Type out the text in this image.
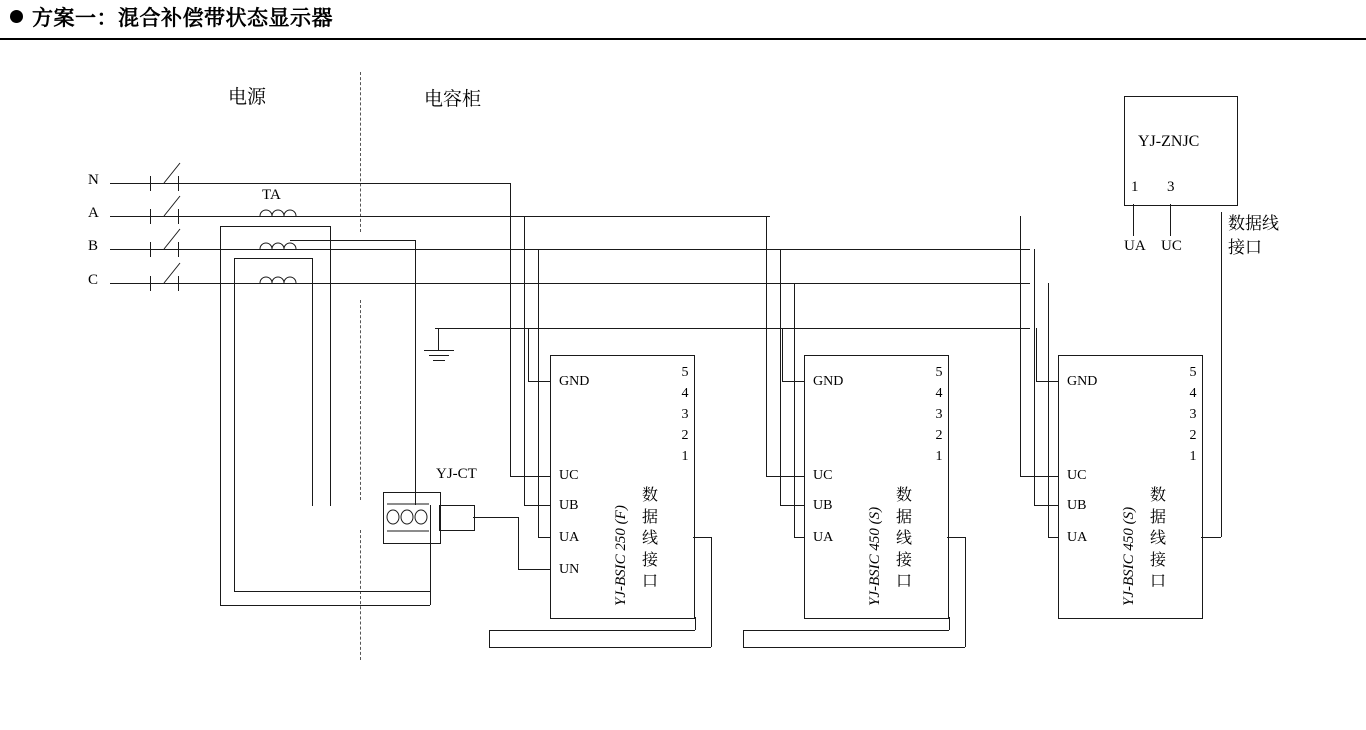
方案一：混合补偿带状态显示器
电源	电容柜
N
A
B
C
TA
YJ-CT
GND
UC
UB
UA
UN YJ-BSIC 250 (F)
数据线接口
5
4
3
2
1
GND
UC
UB
UA YJ-BSIC 450 (S)
数据线接口
5
4
3
2
1
GND
UC
UB
UA YJ-BSIC 450 (S)
数据线接口
5
4
3
2
1
YJ-ZNJC
1 3
UA UC
数据线
接口
